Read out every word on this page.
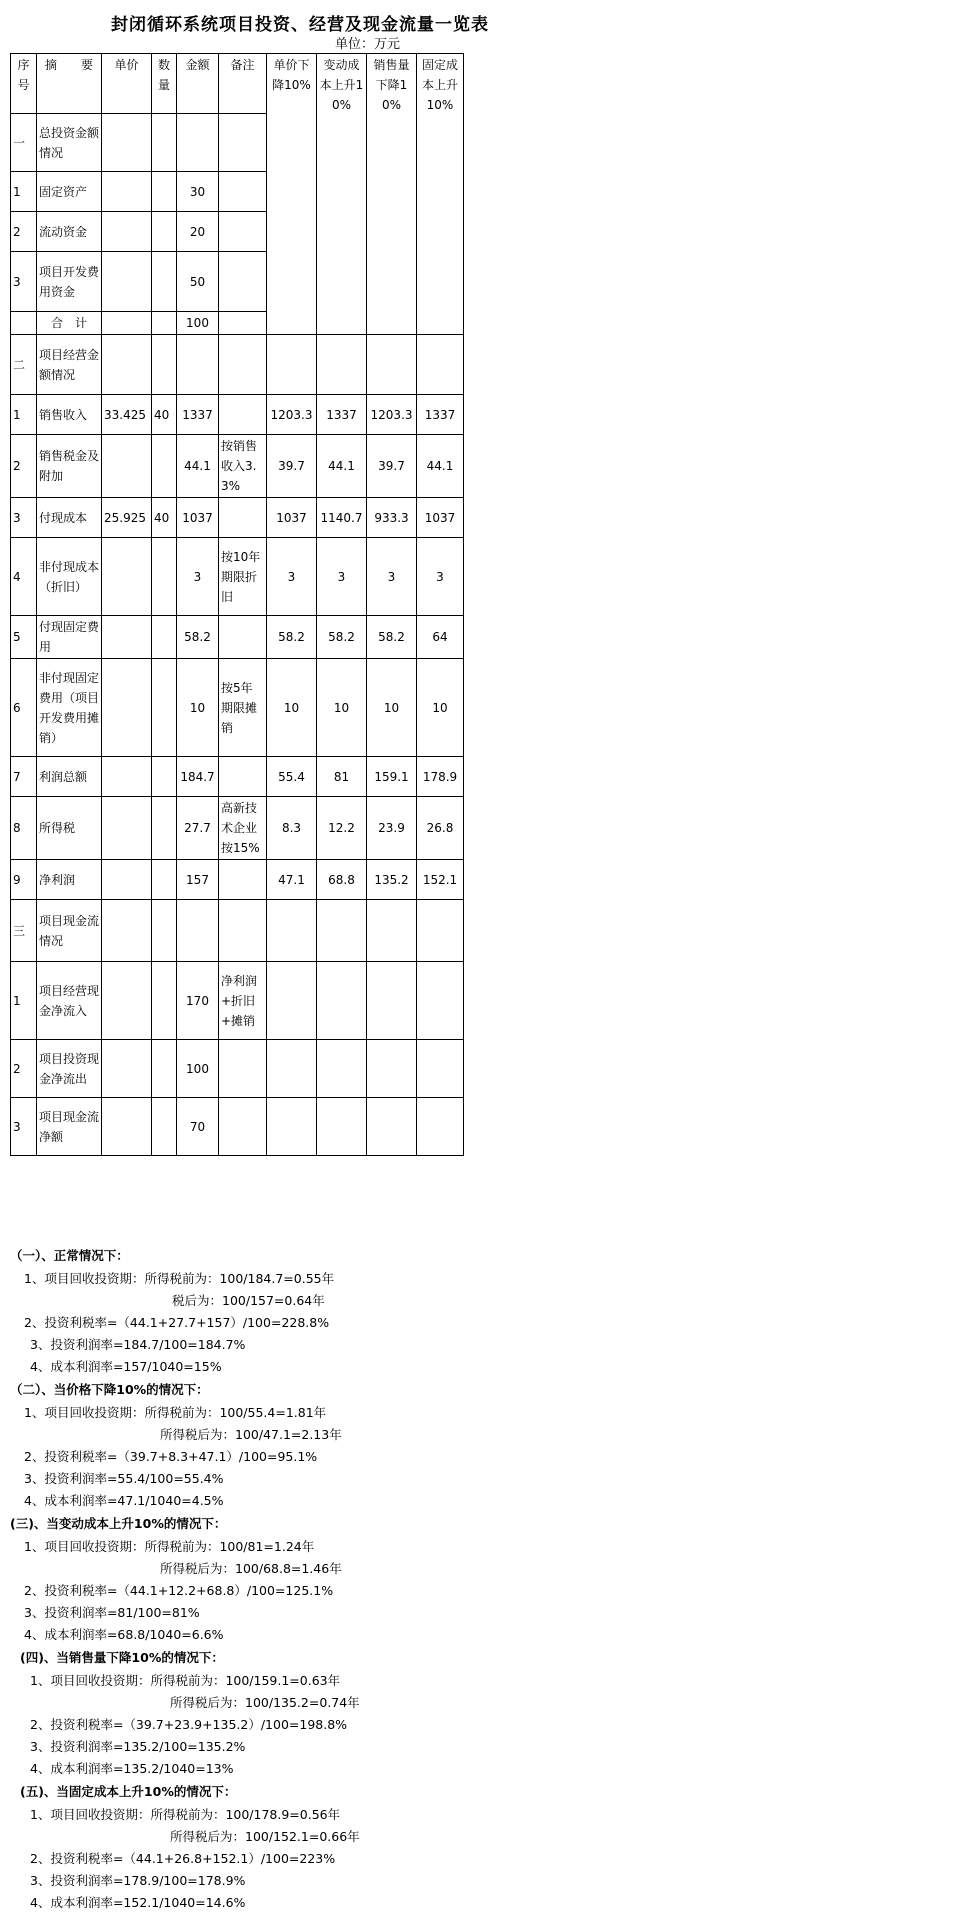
封闭循环系统项目投资、经营及现金流量一览表
单位：万元
序号	摘　　要	单价	数量	金额	备注	单价下降10%	变动成本上升10%	销售量下降10%	固定成本上升10%
一	总投资金额情况								
1	固定资产			30					
2	流动资金			20					
3	项目开发费用资金			50					
	合　计			100					
二	项目经营金额情况								
1	销售收入	33.425	40	1337		1203.3	1337	1203.3	1337
2	销售税金及附加			44.1	按销售收入3.3%	39.7	44.1	39.7	44.1
3	付现成本	25.925	40	1037		1037	1140.7	933.3	1037
4	非付现成本（折旧）			3	按10年期限折旧	3	3	3	3
5	付现固定费用			58.2		58.2	58.2	58.2	64
6	非付现固定费用（项目开发费用摊销）			10	按5年期限摊销	10	10	10	10
7	利润总额			184.7		55.4	81	159.1	178.9
8	所得税			27.7	高新技术企业按15%	8.3	12.2	23.9	26.8
9	净利润			157		47.1	68.8	135.2	152.1
三	项目现金流情况								
1	项目经营现金净流入			170	净利润+折旧+摊销				
2	项目投资现金净流出			100					
3	项目现金流净额			70					
（一）、正常情况下：
1、项目回收投资期：所得税前为：100/184.7=0.55年
税后为：100/157=0.64年
2、投资利税率=（44.1+27.7+157）/100=228.8%
3、投资利润率=184.7/100=184.7%
4、成本利润率=157/1040=15%
（二）、当价格下降10%的情况下：
1、项目回收投资期：所得税前为：100/55.4=1.81年
所得税后为：100/47.1=2.13年
2、投资利税率=（39.7+8.3+47.1）/100=95.1%
3、投资利润率=55.4/100=55.4%
4、成本利润率=47.1/1040=4.5%
(三)、当变动成本上升10%的情况下：
1、项目回收投资期：所得税前为：100/81=1.24年
所得税后为：100/68.8=1.46年
2、投资利税率=（44.1+12.2+68.8）/100=125.1%
3、投资利润率=81/100=81%
4、成本利润率=68.8/1040=6.6%
(四)、当销售量下降10%的情况下：
1、项目回收投资期：所得税前为：100/159.1=0.63年
所得税后为：100/135.2=0.74年
2、投资利税率=（39.7+23.9+135.2）/100=198.8%
3、投资利润率=135.2/100=135.2%
4、成本利润率=135.2/1040=13%
(五)、当固定成本上升10%的情况下：
1、项目回收投资期：所得税前为：100/178.9=0.56年
所得税后为：100/152.1=0.66年
2、投资利税率=（44.1+26.8+152.1）/100=223%
3、投资利润率=178.9/100=178.9%
4、成本利润率=152.1/1040=14.6%
